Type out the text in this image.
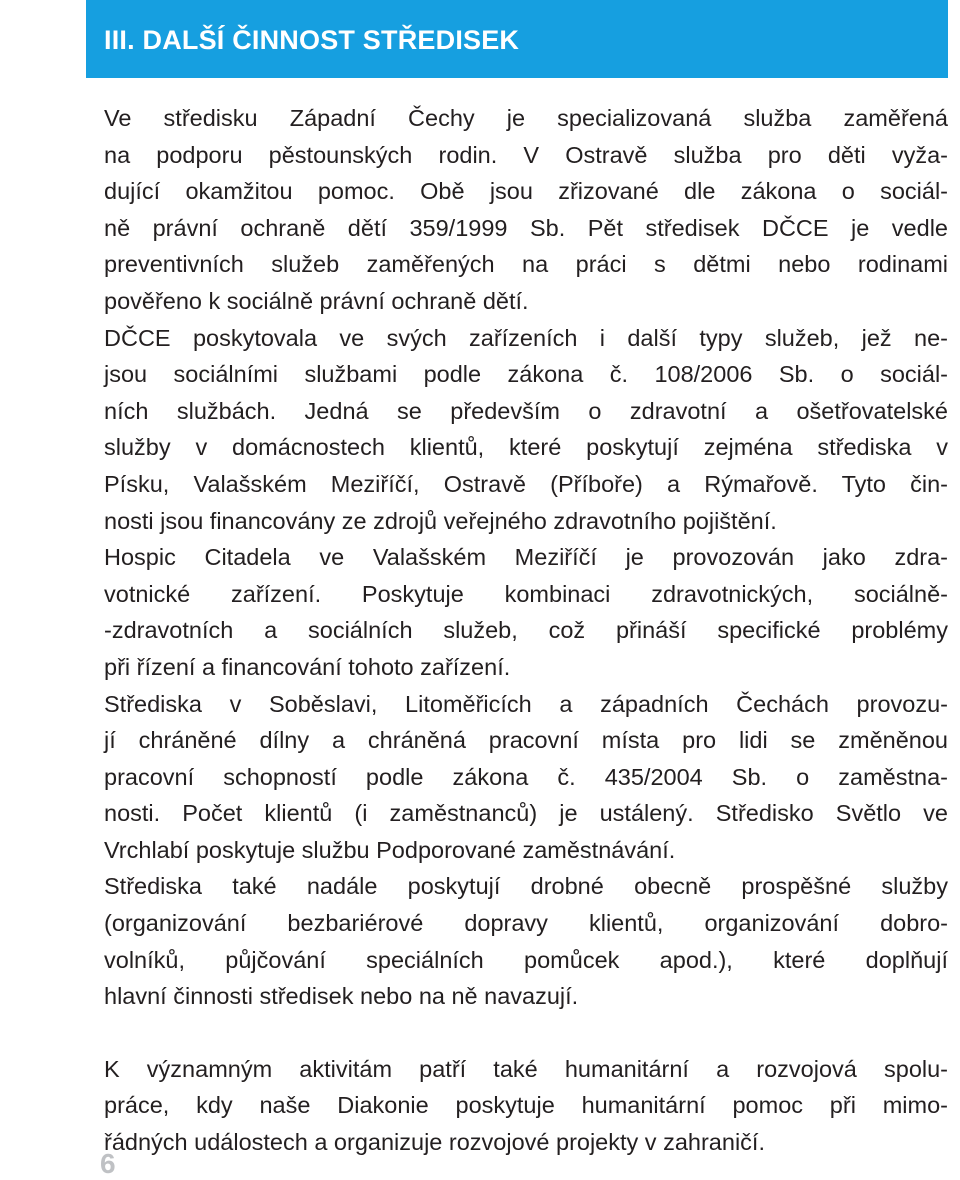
III. DALŠÍ ČINNOST STŘEDISEK
Ve středisku Západní Čechy je specializovaná služba zaměřená
na podporu pěstounských rodin. V Ostravě služba pro děti vyža-
dující okamžitou pomoc. Obě jsou zřizované dle zákona o sociál-
ně právní ochraně dětí 359/1999 Sb. Pět středisek DČCE je vedle
preventivních služeb zaměřených na práci s dětmi nebo rodinami
pověřeno k sociálně právní ochraně dětí.
DČCE poskytovala ve svých zařízeních i další typy služeb, jež ne-
jsou sociálními službami podle zákona č. 108/2006 Sb. o sociál-
ních službách. Jedná se především o zdravotní a ošetřovatelské
služby v domácnostech klientů, které poskytují zejména střediska v
Písku, Valašském Meziříčí, Ostravě (Příboře) a Rýmařově. Tyto čin-
nosti jsou financovány ze zdrojů veřejného zdravotního pojištění.
Hospic Citadela ve Valašském Meziříčí je provozován jako zdra-
votnické zařízení. Poskytuje kombinaci zdravotnických, sociálně-
-zdravotních a sociálních služeb, což přináší specifické problémy
při řízení a financování tohoto zařízení.
Střediska v Soběslavi, Litoměřicích a západních Čechách provozu-
jí chráněné dílny a chráněná pracovní místa pro lidi se změněnou
pracovní schopností podle zákona č. 435/2004 Sb. o zaměstna-
nosti. Počet klientů (i zaměstnanců) je ustálený. Středisko Světlo ve
Vrchlabí poskytuje službu Podporované zaměstnávání.
Střediska také nadále poskytují drobné obecně prospěšné služby
(organizování bezbariérové dopravy klientů, organizování dobro-
volníků, půjčování speciálních pomůcek apod.), které doplňují
hlavní činnosti středisek nebo na ně navazují.
K významným aktivitám patří také humanitární a rozvojová spolu-
práce, kdy naše Diakonie poskytuje humanitární pomoc při mimo-
řádných událostech a organizuje rozvojové projekty v zahraničí.
6
